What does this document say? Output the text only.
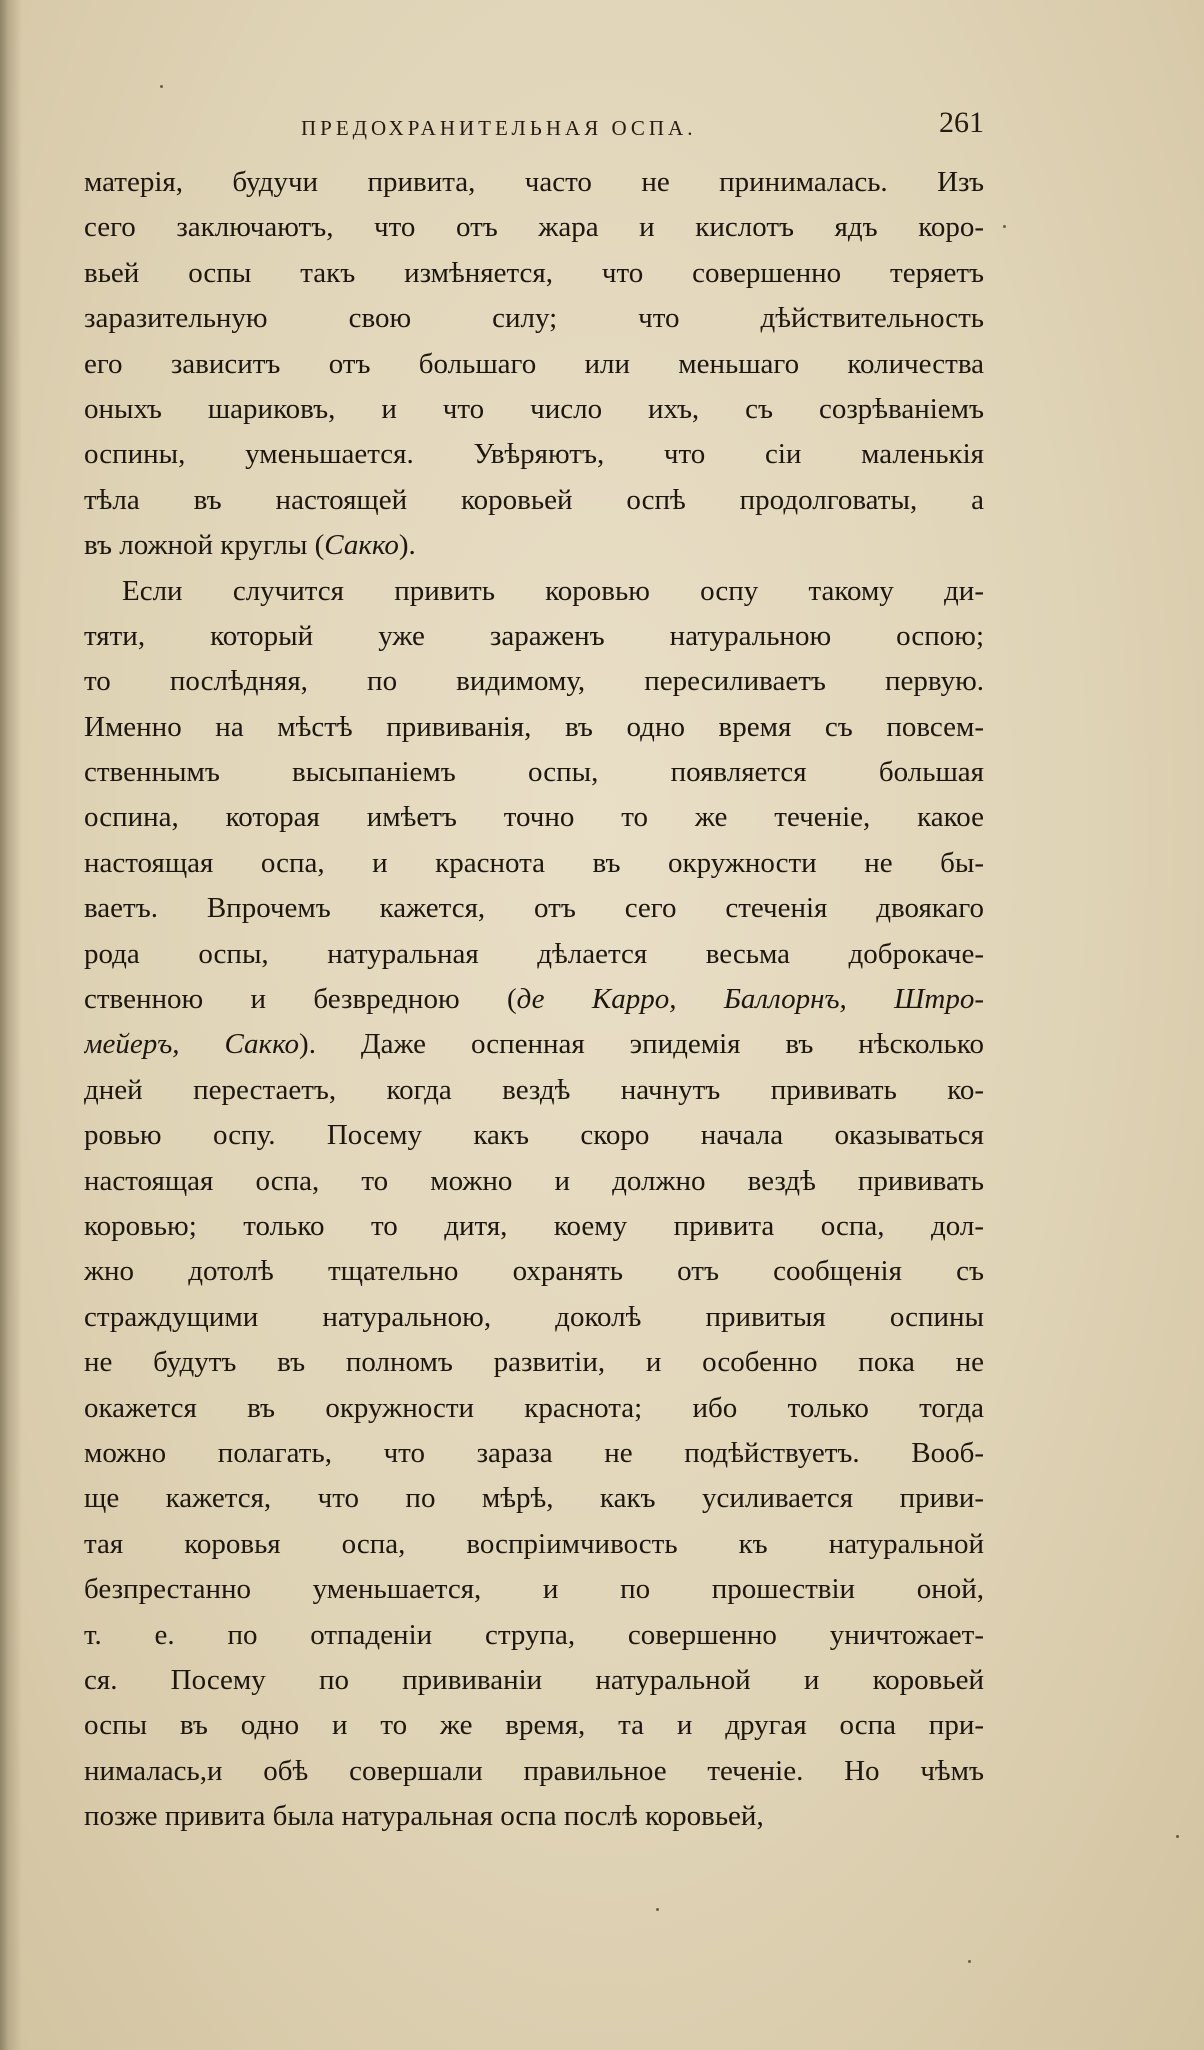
ПРЕДОХРАНИТЕЛЬНАЯ ОСПА.	261
матерія, будучи привита, часто не принималась. Изъ
сего заключаютъ, что отъ жара и кислотъ ядъ коро-
вьей оспы такъ измѣняется, что совершенно теряетъ
заразительную свою силу; что дѣйствительность
его зависитъ отъ большаго или меньшаго количества
оныхъ шариковъ, и что число ихъ, съ созрѣваніемъ
оспины, уменьшается. Увѣряютъ, что сіи маленькія
тѣла въ настоящей коровьей оспѣ продолговаты, а
въ ложной круглы (Сакко).
Если случится привить коровью оспу такому ди-
тяти, который уже зараженъ натуральною оспою;
то послѣдняя, по видимому, пересиливаетъ первую.
Именно на мѣстѣ прививанія, въ одно время съ повсем-
ственнымъ высыпаніемъ оспы, появляется большая
оспина, которая имѣетъ точно то же теченіе, какое
настоящая оспа, и краснота въ окружности не бы-
ваетъ. Впрочемъ кажется, отъ сего стеченія двоякаго
рода оспы, натуральная дѣлается весьма доброкаче-
ственною и безвредною (де Карро, Баллорнъ, Штро-
мейеръ, Сакко). Даже оспенная эпидемія въ нѣсколько
дней перестаетъ, когда вездѣ начнутъ прививать ко-
ровью оспу. Посему какъ скоро начала оказываться
настоящая оспа, то можно и должно вездѣ прививать
коровью; только то дитя, коему привита оспа, дол-
жно дотолѣ тщательно охранять отъ сообщенія съ
страждущими натуральною, доколѣ привитыя оспины
не будутъ въ полномъ развитіи, и особенно пока не
окажется въ окружности краснота; ибо только тогда
можно полагать, что зараза не подѣйствуетъ. Вооб-
ще кажется, что по мѣрѣ, какъ усиливается приви-
тая коровья оспа, воспріимчивость къ натуральной
безпрестанно уменьшается, и по прошествіи оной,
т. е. по отпаденіи струпа, совершенно уничтожает-
ся. Посему по прививаніи натуральной и коровьей
оспы въ одно и то же время, та и другая оспа при-
нималась,и обѣ совершали правильное теченіе. Но чѣмъ
позже привита была натуральная оспа послѣ коровьей,
